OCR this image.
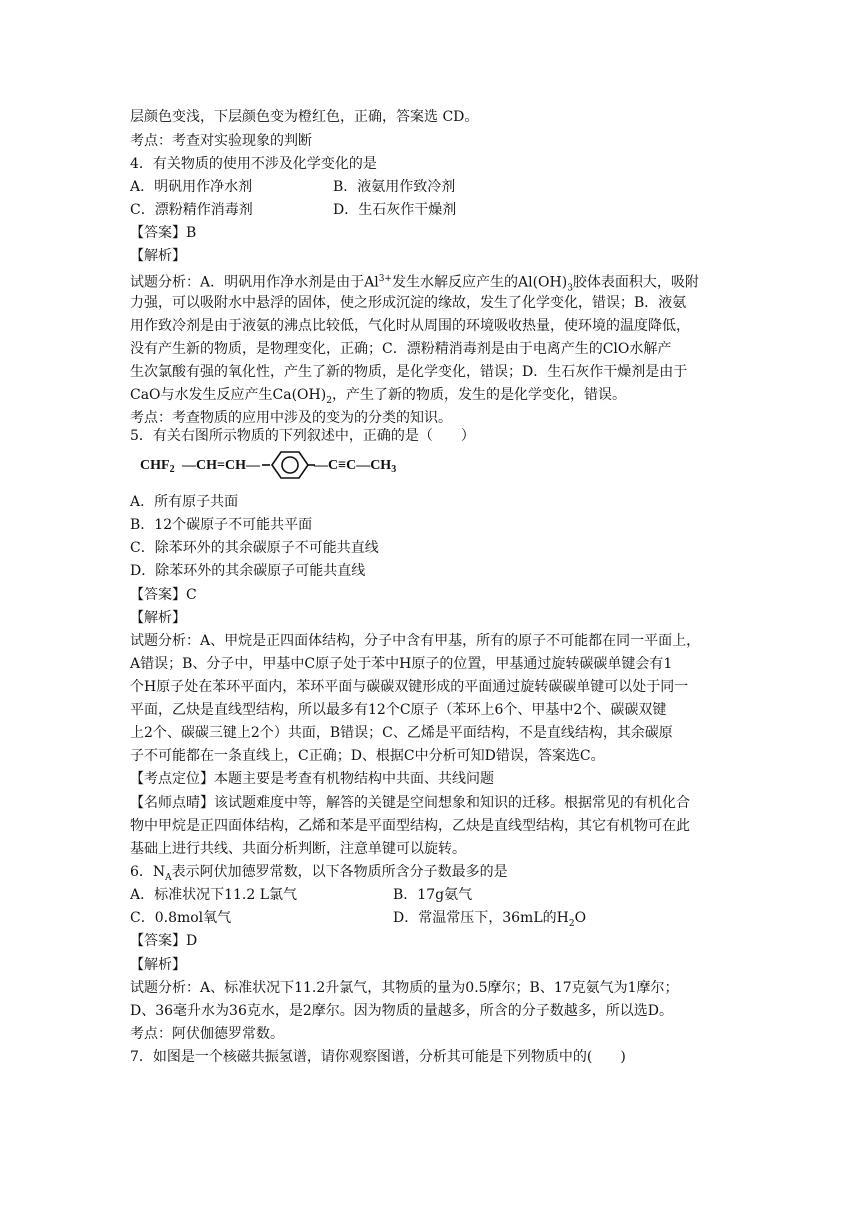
层颜色变浅，下层颜色变为橙红色，正确，答案选 CD。
考点：考查对实验现象的判断
4．有关物质的使用不涉及化学变化的是
A．明矾用作净水剂	B．液氨用作致冷剂
C．漂粉精作消毒剂	D．生石灰作干燥剂
【答案】B
【解析】
试题分析：A．明矾用作净水剂是由于$Al^{3+}$发生水解反应产生的$Al(OH)_3$胶体表面积大，吸附
力强，可以吸附水中悬浮的固体，使之形成沉淀的缘故，发生了化学变化，错误；B．液氨
用作致冷剂是由于液氨的沸点比较低，气化时从周围的环境吸收热量，使环境的温度降低，
没有产生新的物质，是物理变化，正确；C．漂粉精消毒剂是由于电离产生的ClO水解产
生次氯酸有强的氧化性，产生了新的物质，是化学变化，错误；D．生石灰作干燥剂是由于
CaO与水发生反应产生$Ca(OH)_2$，产生了新的物质，发生的是化学变化，错误。
考点：考查物质的应用中涉及的变为的分类的知识。
5．有关右图所示物质的下列叙述中，正确的是（　　）
$CHF_2$ —CH=CH—	$—C\equiv C—CH_3$
A．所有原子共面
B．12个碳原子不可能共平面
C．除苯环外的其余碳原子不可能共直线
D．除苯环外的其余碳原子可能共直线
【答案】C
【解析】
试题分析：A、甲烷是正四面体结构，分子中含有甲基，所有的原子不可能都在同一平面上，
A错误；B、分子中，甲基中C原子处于苯中H原子的位置，甲基通过旋转碳碳单键会有1
个H原子处在苯环平面内，苯环平面与碳碳双键形成的平面通过旋转碳碳单键可以处于同一
平面，乙炔是直线型结构，所以最多有12个C原子（苯环上6个、甲基中2个、碳碳双键
上2个、碳碳三键上2个）共面，B错误；C、乙烯是平面结构，不是直线结构，其余碳原
子不可能都在一条直线上，C正确；D、根据C中分析可知D错误，答案选C。
【考点定位】本题主要是考查有机物结构中共面、共线问题
【名师点晴】该试题难度中等，解答的关键是空间想象和知识的迁移。根据常见的有机化合
物中甲烷是正四面体结构，乙烯和苯是平面型结构，乙炔是直线型结构，其它有机物可在此
基础上进行共线、共面分析判断，注意单键可以旋转。
6．$N_A$表示阿伏加德罗常数，以下各物质所含分子数最多的是
A．标准状况下11.2 L氯气	B．17g氨气
C．0.8mol氧气	D．常温常压下，36mL的$H_2O$
【答案】D
【解析】
试题分析：A、标准状况下11.2升氯气，其物质的量为0.5摩尔；B、17克氨气为1摩尔；
D、36毫升水为36克水，是2摩尔。因为物质的量越多，所含的分子数越多，所以选D。
考点：阿伏伽德罗常数。
7．如图是一个核磁共振氢谱，请你观察图谱，分析其可能是下列物质中的(　　)
